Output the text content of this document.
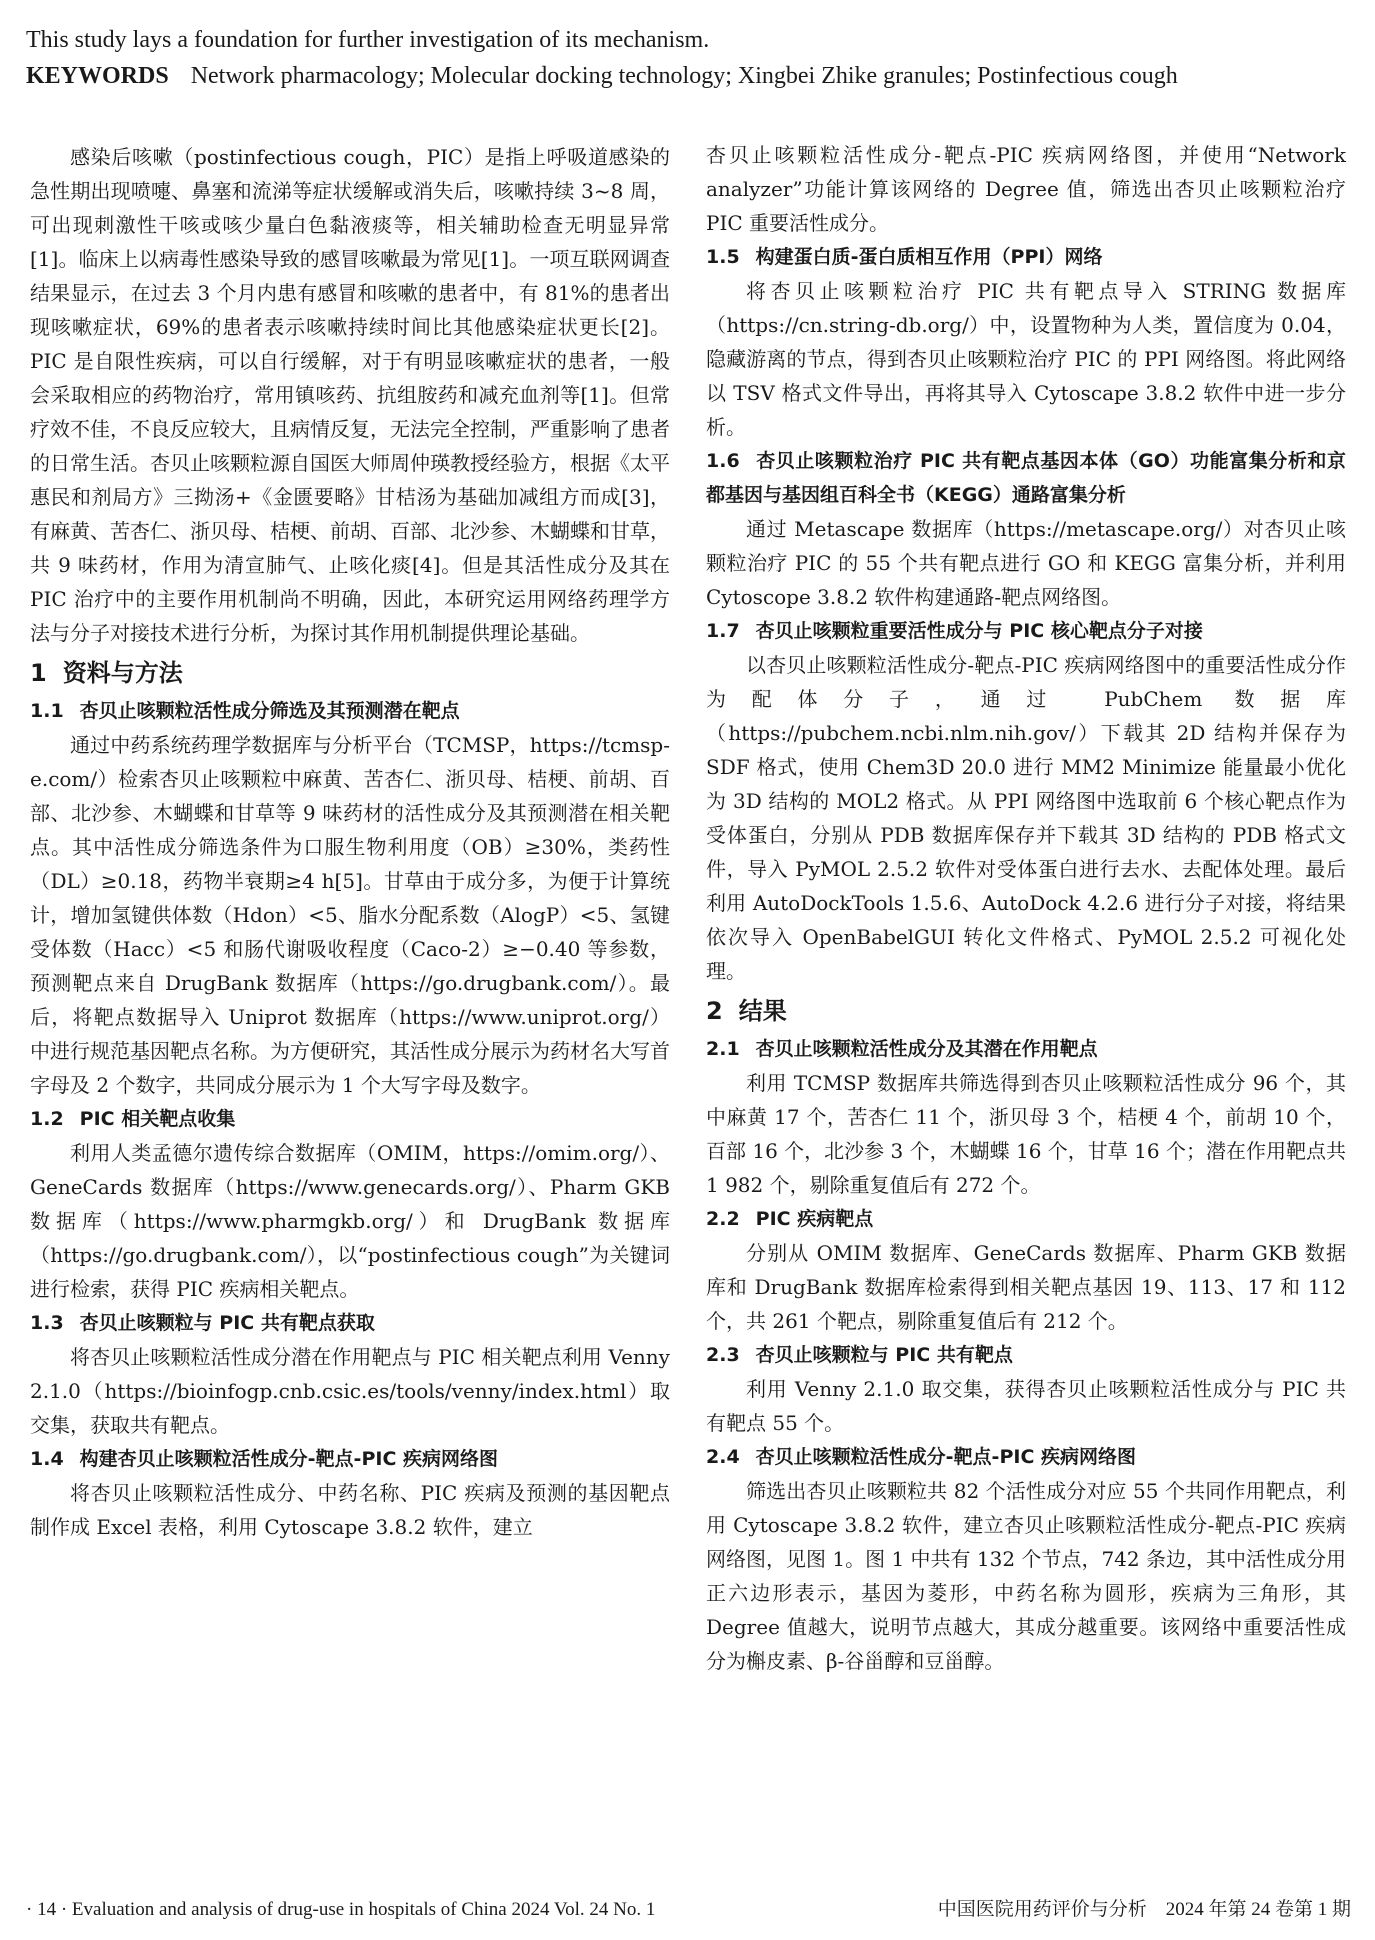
This study lays a foundation for further investigation of its mechanism.

KEYWORDS Network pharmacology; Molecular docking technology; Xingbei Zhike granules; Postinfectious cough

感染后咳嗽（postinfectious cough，PIC）是指上呼吸道感染的急性期出现喷嚏、鼻塞和流涕等症状缓解或消失后，咳嗽持续 3~8 周，可出现刺激性干咳或咳少量白色黏液痰等，相关辅助检查无明显异常[1]。临床上以病毒性感染导致的感冒咳嗽最为常见[1]。一项互联网调查结果显示，在过去 3 个月内患有感冒和咳嗽的患者中，有 81%的患者出现咳嗽症状，69%的患者表示咳嗽持续时间比其他感染症状更长[2]。PIC 是自限性疾病，可以自行缓解，对于有明显咳嗽症状的患者，一般会采取相应的药物治疗，常用镇咳药、抗组胺药和减充血剂等[1]。但常疗效不佳，不良反应较大，且病情反复，无法完全控制，严重影响了患者的日常生活。杏贝止咳颗粒源自国医大师周仲瑛教授经验方，根据《太平惠民和剂局方》三拗汤+《金匮要略》甘桔汤为基础加减组方而成[3]，有麻黄、苦杏仁、浙贝母、桔梗、前胡、百部、北沙参、木蝴蝶和甘草，共 9 味药材，作用为清宣肺气、止咳化痰[4]。但是其活性成分及其在 PIC 治疗中的主要作用机制尚不明确，因此，本研究运用网络药理学方法与分子对接技术进行分析，为探讨其作用机制提供理论基础。

1 资料与方法
1.1 杏贝止咳颗粒活性成分筛选及其预测潜在靶点

通过中药系统药理学数据库与分析平台（TCMSP，https://tcmsp-e.com/）检索杏贝止咳颗粒中麻黄、苦杏仁、浙贝母、桔梗、前胡、百部、北沙参、木蝴蝶和甘草等 9 味药材的活性成分及其预测潜在相关靶点。其中活性成分筛选条件为口服生物利用度（OB）≥30%，类药性（DL）≥0.18，药物半衰期≥4 h[5]。甘草由于成分多，为便于计算统计，增加氢键供体数（Hdon）<5、脂水分配系数（AlogP）<5、氢键受体数（Hacc）<5 和肠代谢吸收程度（Caco-2）≥−0.40 等参数，预测靶点来自 DrugBank 数据库（https://go.drugbank.com/）。最后，将靶点数据导入 Uniprot 数据库（https://www.uniprot.org/）中进行规范基因靶点名称。为方便研究，其活性成分展示为药材名大写首字母及 2 个数字，共同成分展示为 1 个大写字母及数字。

1.2 PIC 相关靶点收集

利用人类孟德尔遗传综合数据库（OMIM，https://omim.org/）、GeneCards 数据库（https://www.genecards.org/）、Pharm GKB 数据库（https://www.pharmgkb.org/）和 DrugBank 数据库（https://go.drugbank.com/），以“postinfectious cough”为关键词进行检索，获得 PIC 疾病相关靶点。

1.3 杏贝止咳颗粒与 PIC 共有靶点获取

将杏贝止咳颗粒活性成分潜在作用靶点与 PIC 相关靶点利用 Venny 2.1.0（https://bioinfogp.cnb.csic.es/tools/venny/index.html）取交集，获取共有靶点。

1.4 构建杏贝止咳颗粒活性成分-靶点-PIC 疾病网络图

将杏贝止咳颗粒活性成分、中药名称、PIC 疾病及预测的基因靶点制作成 Excel 表格，利用 Cytoscape 3.8.2 软件，建立

杏贝止咳颗粒活性成分-靶点-PIC 疾病网络图，并使用“Network analyzer”功能计算该网络的 Degree 值，筛选出杏贝止咳颗粒治疗 PIC 重要活性成分。

1.5 构建蛋白质-蛋白质相互作用（PPI）网络

将杏贝止咳颗粒治疗 PIC 共有靶点导入 STRING 数据库（https://cn.string-db.org/）中，设置物种为人类，置信度为 0.04，隐藏游离的节点，得到杏贝止咳颗粒治疗 PIC 的 PPI 网络图。将此网络以 TSV 格式文件导出，再将其导入 Cytoscape 3.8.2 软件中进一步分析。

1.6 杏贝止咳颗粒治疗 PIC 共有靶点基因本体（GO）功能富集分析和京都基因与基因组百科全书（KEGG）通路富集分析

通过 Metascape 数据库（https://metascape.org/）对杏贝止咳颗粒治疗 PIC 的 55 个共有靶点进行 GO 和 KEGG 富集分析，并利用 Cytoscope 3.8.2 软件构建通路-靶点网络图。

1.7 杏贝止咳颗粒重要活性成分与 PIC 核心靶点分子对接

以杏贝止咳颗粒活性成分-靶点-PIC 疾病网络图中的重要活性成分作为配体分子，通过 PubChem 数据库（https://pubchem.ncbi.nlm.nih.gov/）下载其 2D 结构并保存为 SDF 格式，使用 Chem3D 20.0 进行 MM2 Minimize 能量最小优化为 3D 结构的 MOL2 格式。从 PPI 网络图中选取前 6 个核心靶点作为受体蛋白，分别从 PDB 数据库保存并下载其 3D 结构的 PDB 格式文件，导入 PyMOL 2.5.2 软件对受体蛋白进行去水、去配体处理。最后利用 AutoDockTools 1.5.6、AutoDock 4.2.6 进行分子对接，将结果依次导入 OpenBabelGUI 转化文件格式、PyMOL 2.5.2 可视化处理。

2 结果
2.1 杏贝止咳颗粒活性成分及其潜在作用靶点

利用 TCMSP 数据库共筛选得到杏贝止咳颗粒活性成分 96 个，其中麻黄 17 个，苦杏仁 11 个，浙贝母 3 个，桔梗 4 个，前胡 10 个，百部 16 个，北沙参 3 个，木蝴蝶 16 个，甘草 16 个；潜在作用靶点共 1 982 个，剔除重复值后有 272 个。

2.2 PIC 疾病靶点

分别从 OMIM 数据库、GeneCards 数据库、Pharm GKB 数据库和 DrugBank 数据库检索得到相关靶点基因 19、113、17 和 112 个，共 261 个靶点，剔除重复值后有 212 个。

2.3 杏贝止咳颗粒与 PIC 共有靶点

利用 Venny 2.1.0 取交集，获得杏贝止咳颗粒活性成分与 PIC 共有靶点 55 个。

2.4 杏贝止咳颗粒活性成分-靶点-PIC 疾病网络图

筛选出杏贝止咳颗粒共 82 个活性成分对应 55 个共同作用靶点，利用 Cytoscape 3.8.2 软件，建立杏贝止咳颗粒活性成分-靶点-PIC 疾病网络图，见图 1。图 1 中共有 132 个节点，742 条边，其中活性成分用正六边形表示，基因为菱形，中药名称为圆形，疾病为三角形，其 Degree 值越大，说明节点越大，其成分越重要。该网络中重要活性成分为槲皮素、β-谷甾醇和豆甾醇。

· 14 · Evaluation and analysis of drug-use in hospitals of China 2024 Vol. 24 No. 1	中国医院用药评价与分析　2024 年第 24 卷第 1 期
